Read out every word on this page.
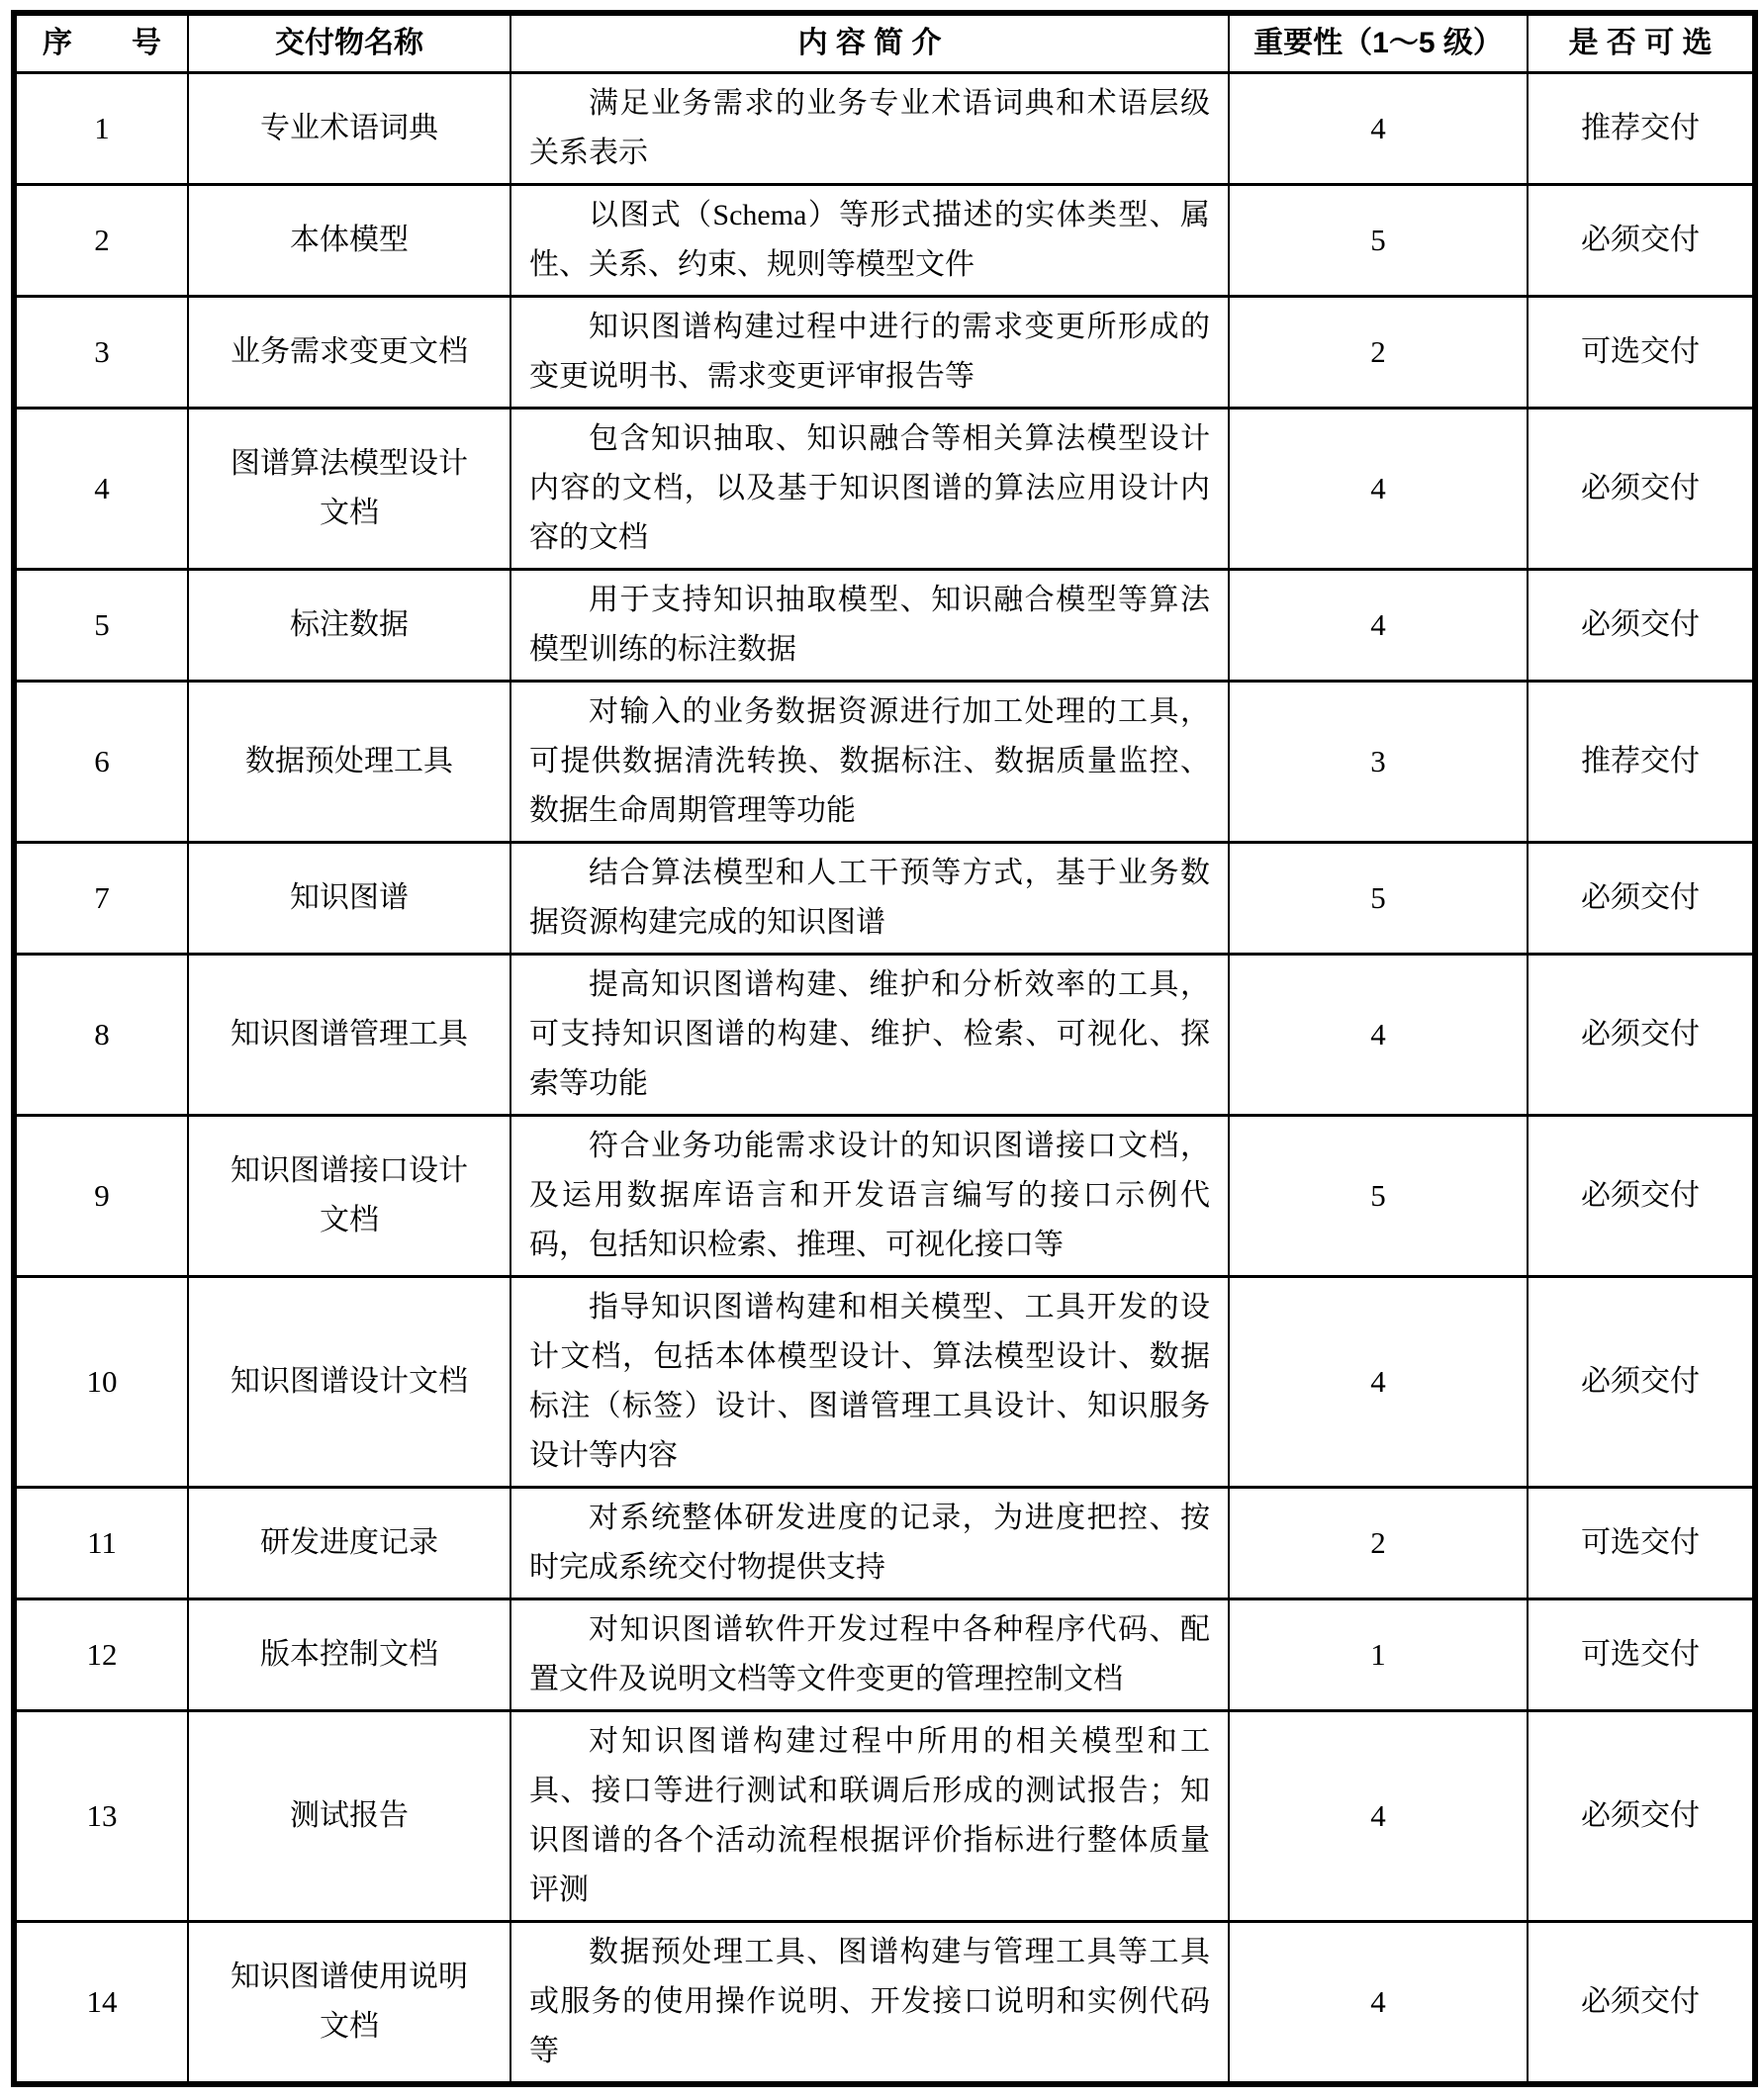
序　　号	交付物名称	内 容 简 介	重要性（1～5 级）	是 否 可 选
1	专业术语词典	满足业务需求的业务专业术语词典和术语层级关系表示	4	推荐交付
2	本体模型	以图式（Schema）等形式描述的实体类型、属性、关系、约束、规则等模型文件	5	必须交付
3	业务需求变更文档	知识图谱构建过程中进行的需求变更所形成的变更说明书、需求变更评审报告等	2	可选交付
4	图谱算法模型设计文档	包含知识抽取、知识融合等相关算法模型设计内容的文档，以及基于知识图谱的算法应用设计内容的文档	4	必须交付
5	标注数据	用于支持知识抽取模型、知识融合模型等算法模型训练的标注数据	4	必须交付
6	数据预处理工具	对输入的业务数据资源进行加工处理的工具，可提供数据清洗转换、数据标注、数据质量监控、数据生命周期管理等功能	3	推荐交付
7	知识图谱	结合算法模型和人工干预等方式，基于业务数据资源构建完成的知识图谱	5	必须交付
8	知识图谱管理工具	提高知识图谱构建、维护和分析效率的工具，可支持知识图谱的构建、维护、检索、可视化、探索等功能	4	必须交付
9	知识图谱接口设计文档	符合业务功能需求设计的知识图谱接口文档，及运用数据库语言和开发语言编写的接口示例代码，包括知识检索、推理、可视化接口等	5	必须交付
10	知识图谱设计文档	指导知识图谱构建和相关模型、工具开发的设计文档，包括本体模型设计、算法模型设计、数据标注（标签）设计、图谱管理工具设计、知识服务设计等内容	4	必须交付
11	研发进度记录	对系统整体研发进度的记录，为进度把控、按时完成系统交付物提供支持	2	可选交付
12	版本控制文档	对知识图谱软件开发过程中各种程序代码、配置文件及说明文档等文件变更的管理控制文档	1	可选交付
13	测试报告	对知识图谱构建过程中所用的相关模型和工具、接口等进行测试和联调后形成的测试报告；知识图谱的各个活动流程根据评价指标进行整体质量评测	4	必须交付
14	知识图谱使用说明文档	数据预处理工具、图谱构建与管理工具等工具或服务的使用操作说明、开发接口说明和实例代码等	4	必须交付
